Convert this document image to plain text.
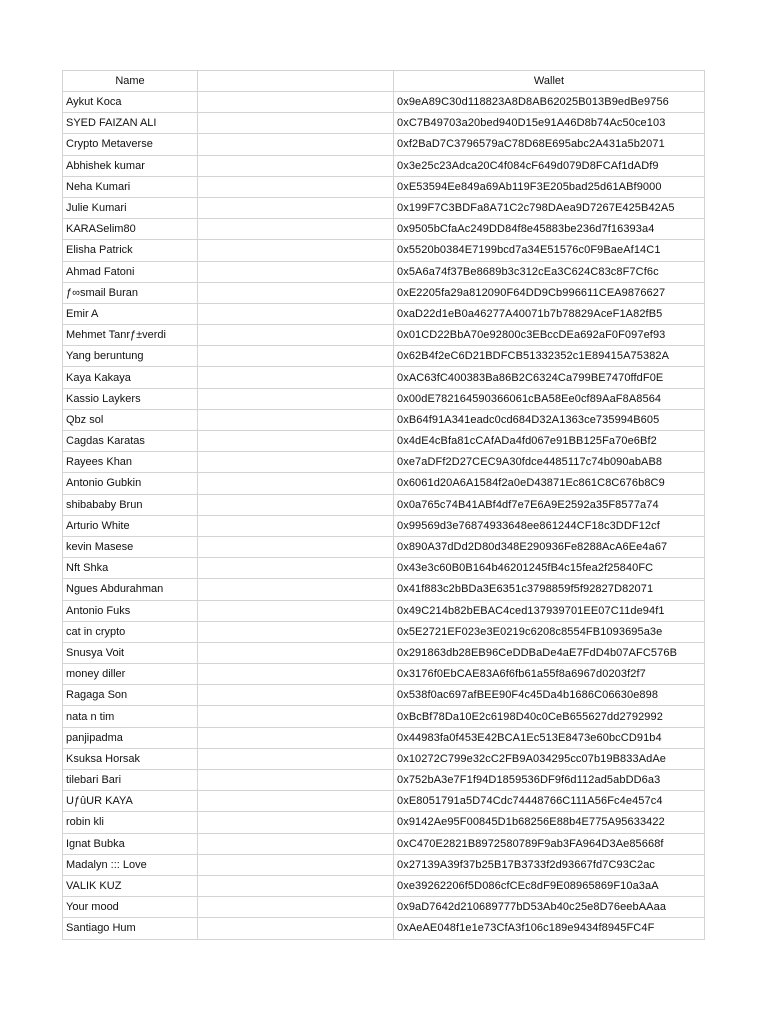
Name		Wallet
Aykut Koca		0x9eA89C30d118823A8D8AB62025B013B9edBe9756
SYED FAIZAN ALI		0xC7B49703a20bed940D15e91A46D8b74Ac50ce103
Crypto Metaverse		0xf2BaD7C3796579aC78D68E695abc2A431a5b2071
Abhishek kumar		0x3e25c23Adca20C4f084cF649d079D8FCAf1dADf9
Neha Kumari		0xE53594Ee849a69Ab119F3E205bad25d61ABf9000
Julie Kumari		0x199F7C3BDFa8A71C2c798DAea9D7267E425B42A5
KARASelim80		0x9505bCfaAc249DD84f8e45883be236d7f16393a4
Elisha Patrick		0x5520b0384E7199bcd7a34E51576c0F9BaeAf14C1
Ahmad Fatoni		0x5A6a74f37Be8689b3c312cEa3C624C83c8F7Cf6c
ƒ∞smail Buran		0xE2205fa29a812090F64DD9Cb996611CEA9876627
Emir A		0xaD22d1eB0a46277A40071b7b78829AceF1A82fB5
Mehmet Tanrƒ±verdi		0x01CD22BbA70e92800c3EBccDEa692aF0F097ef93
Yang beruntung		0x62B4f2eC6D21BDFCB51332352c1E89415A75382A
Kaya Kakaya		0xAC63fC400383Ba86B2C6324Ca799BE7470ffdF0E
Kassio Laykers		0x00dE782164590366061cBA58Ee0cf89AaF8A8564
Qbz sol		0xB64f91A341eadc0cd684D32A1363ce735994B605
Cagdas Karatas		0x4dE4cBfa81cCAfADa4fd067e91BB125Fa70e6Bf2
Rayees Khan		0xe7aDFf2D27CEC9A30fdce4485117c74b090abAB8
Antonio Gubkin		0x6061d20A6A1584f2a0eD43871Ec861C8C676b8C9
shibababy Brun		0x0a765c74B41ABf4df7e7E6A9E2592a35F8577a74
Arturio White		0x99569d3e76874933648ee861244CF18c3DDF12cf
kevin Masese		0x890A37dDd2D80d348E290936Fe8288AcA6Ee4a67
Nft Shka		0x43e3c60B0B164b46201245fB4c15fea2f25840FC
Ngues Abdurahman		0x41f883c2bBDa3E6351c3798859f5f92827D82071
Antonio Fuks		0x49C214b82bEBAC4ced137939701EE07C11de94f1
cat in crypto		0x5E2721EF023e3E0219c6208c8554FB1093695a3e
Snusya Voit		0x291863db28EB96CeDDBaDe4aE7FdD4b07AFC576B
money diller		0x3176f0EbCAE83A6f6fb61a55f8a6967d0203f2f7
Ragaga Son		0x538f0ac697afBEE90F4c45Da4b1686C06630e898
nata n tim		0xBcBf78Da10E2c6198D40c0CeB655627dd2792992
panjipadma		0x44983fa0f453E42BCA1Ec513E8473e60bcCD91b4
Ksuksa Horsak		0x10272C799e32cC2FB9A034295cc07b19B833AdAe
tilebari Bari		0x752bA3e7F1f94D1859536DF9f6d112ad5abDD6a3
UƒûUR KAYA		0xE8051791a5D74Cdc74448766C111A56Fc4e457c4
robin kli		0x9142Ae95F00845D1b68256E88b4E775A95633422
Ignat Bubka		0xC470E2821B8972580789F9ab3FA964D3Ae85668f
Madalyn ::: Love		0x27139A39f37b25B17B3733f2d93667fd7C93C2ac
VALIK KUZ		0xe39262206f5D086cfCEc8dF9E08965869F10a3aA
Your mood		0x9aD7642d210689777bD53Ab40c25e8D76eebAAaa
Santiago Hum		0xAeAE048f1e1e73CfA3f106c189e9434f8945FC4F
